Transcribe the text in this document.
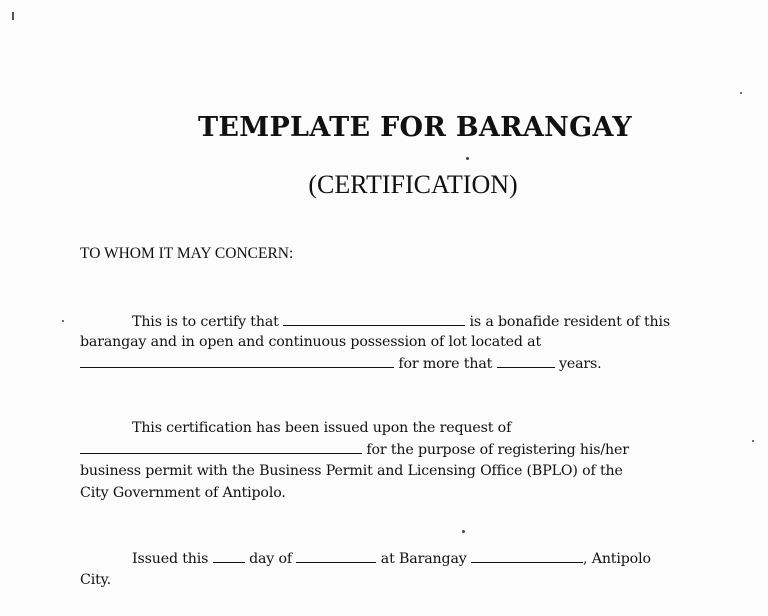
TEMPLATE FOR BARANGAY
(CERTIFICATION)
TO WHOM IT MAY CONCERN:
This is to certify that	is a bonafide resident of this
barangay and in open and continuous possession of lot located at
for more that	years.
This certification has been issued upon the request of
for the purpose of registering his/her
business permit with the Business Permit and Licensing Office (BPLO) of the
City Government of Antipolo.
Issued this	day of	at Barangay	, Antipolo
City.
